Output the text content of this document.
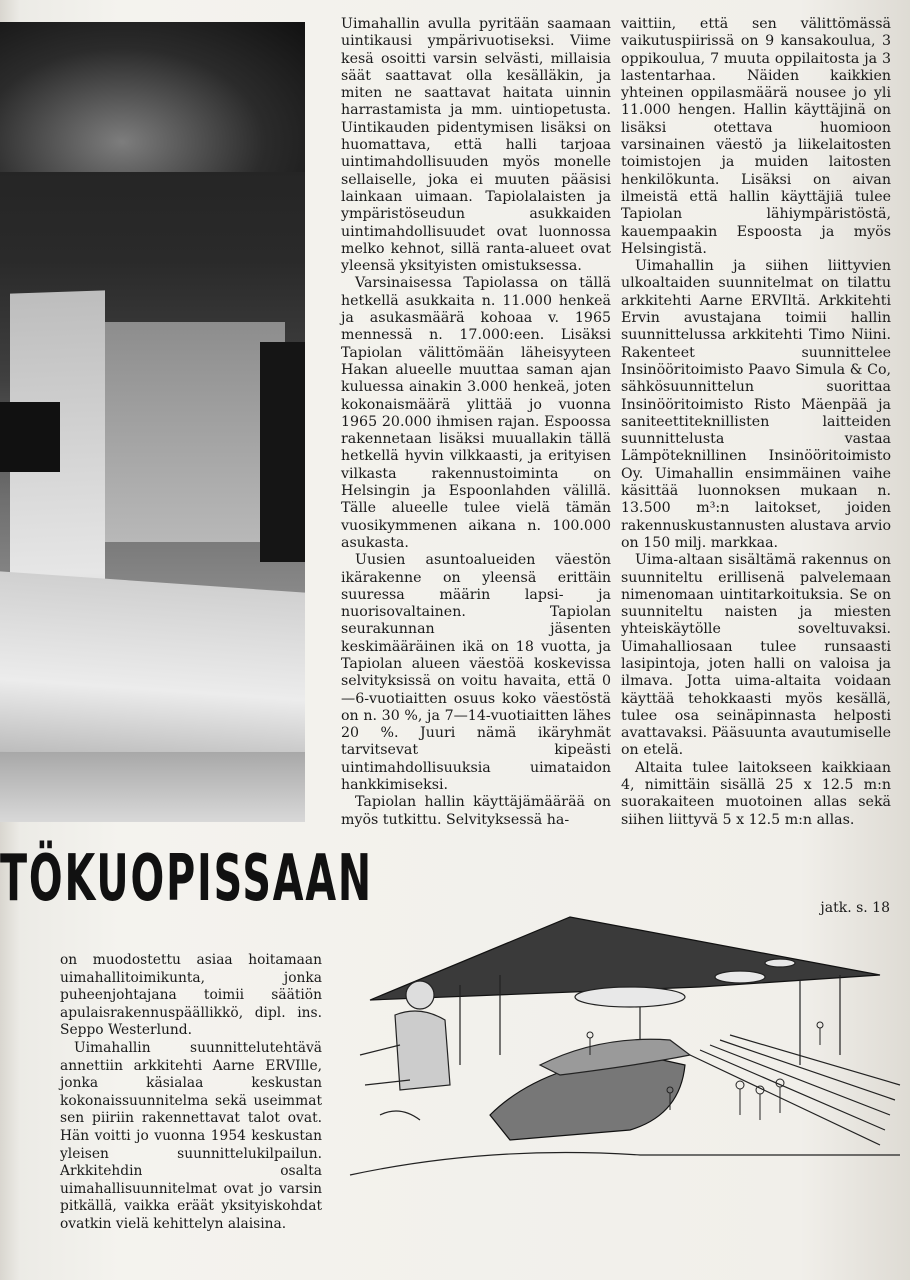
Uimahallin avulla pyritään saamaan uintikausi ympärivuotiseksi. Viime kesä osoitti varsin selvästi, millaisia säät saattavat olla kesälläkin, ja miten ne saattavat haitata uinnin harrastamista ja mm. uintiopetusta. Uintikauden pidentymisen lisäksi on huomattava, että halli tarjoaa uintimahdollisuuden myös monelle sellaiselle, joka ei muuten pääsisi lainkaan uimaan. Tapiolalaisten ja ympäristöseudun asukkaiden uintimahdollisuudet ovat luonnossa melko kehnot, sillä ranta-alueet ovat yleensä yksityisten omistuksessa.

Varsinaisessa Tapiolassa on tällä hetkellä asukkaita n. 11.000 henkeä ja asukasmäärä kohoaa v. 1965 mennessä n. 17.000:een. Lisäksi Tapiolan välittömään läheisyyteen Hakan alueelle muuttaa saman ajan kuluessa ainakin 3.000 henkeä, joten kokonaismäärä ylittää jo vuonna 1965 20.000 ihmisen rajan. Espoossa rakennetaan lisäksi muuallakin tällä hetkellä hyvin vilkkaasti, ja erityisen vilkasta rakennustoiminta on Helsingin ja Espoonlahden välillä. Tälle alueelle tulee vielä tämän vuosikymmenen aikana n. 100.000 asukasta.

Uusien asuntoalueiden väestön ikärakenne on yleensä erittäin suuressa määrin lapsi- ja nuorisovaltainen. Tapiolan seurakunnan jäsenten keskimääräinen ikä on 18 vuotta, ja Tapiolan alueen väestöä koskevissa selvityksissä on voitu havaita, että 0—6-vuotiaitten osuus koko väestöstä on n. 30 %, ja 7—14-vuotiaitten lähes 20 %. Juuri nämä ikäryhmät tarvitsevat kipeästi uintimahdollisuuksia uimataidon hankkimiseksi.

Tapiolan hallin käyttäjämäärää on myös tutkittu. Selvityksessä ha-

vaittiin, että sen välittömässä vaikutuspiirissä on 9 kansakoulua, 3 oppikoulua, 7 muuta oppilaitosta ja 3 lastentarhaa. Näiden kaikkien yhteinen oppilasmäärä nousee jo yli 11.000 hengen. Hallin käyttäjinä on lisäksi otettava huomioon varsinainen väestö ja liikelaitosten toimistojen ja muiden laitosten henkilökunta. Lisäksi on aivan ilmeistä että hallin käyttäjiä tulee Tapiolan lähiympäristöstä, kauempaakin Espoosta ja myös Helsingistä.

Uimahallin ja siihen liittyvien ulkoaltaiden suunnitelmat on tilattu arkkitehti Aarne ERVIltä. Arkkitehti Ervin avustajana toimii hallin suunnittelussa arkkitehti Timo Niini. Rakenteet suunnittelee Insinööritoimisto Paavo Simula & Co, sähkösuunnittelun suorittaa Insinööritoimisto Risto Mäenpää ja saniteettiteknillisten laitteiden suunnittelusta vastaa Lämpöteknillinen Insinööritoimisto Oy. Uimahallin ensimmäinen vaihe käsittää luonnoksen mukaan n. 13.500 m³:n laitokset, joiden rakennuskustannusten alustava arvio on 150 milj. markkaa.

Uima-altaan sisältämä rakennus on suunniteltu erillisenä palvelemaan nimenomaan uintitarkoituksia. Se on suunniteltu naisten ja miesten yhteiskäytölle soveltuvaksi. Uimahalliosaan tulee runsaasti lasipintoja, joten halli on valoisa ja ilmava. Jotta uima-altaita voidaan käyttää tehokkaasti myös kesällä, tulee osa seinäpinnasta helposti avattavaksi. Pääsuunta avautumiselle on etelä.

Altaita tulee laitokseen kaikkiaan 4, nimittäin sisällä 25 x 12.5 m:n suorakaiteen muotoinen allas sekä siihen liittyvä 5 x 12.5 m:n allas.

jatk. s. 18
TÖKUOPISSAAN

on muodostettu asiaa hoitamaan uimahallitoimikunta, jonka puheenjohtajana toimii säätiön apulaisrakennuspäällikkö, dipl. ins. Seppo Westerlund.

Uimahallin suunnittelutehtävä annettiin arkkitehti Aarne ERVIlle, jonka käsialaa keskustan kokonaissuunnitelma sekä useimmat sen piiriin rakennettavat talot ovat. Hän voitti jo vuonna 1954 keskustan yleisen suunnittelukilpailun. Arkkitehdin osalta uimahallisuunnitelmat ovat jo varsin pitkällä, vaikka eräät yksityiskohdat ovatkin vielä kehittelyn alaisina.
